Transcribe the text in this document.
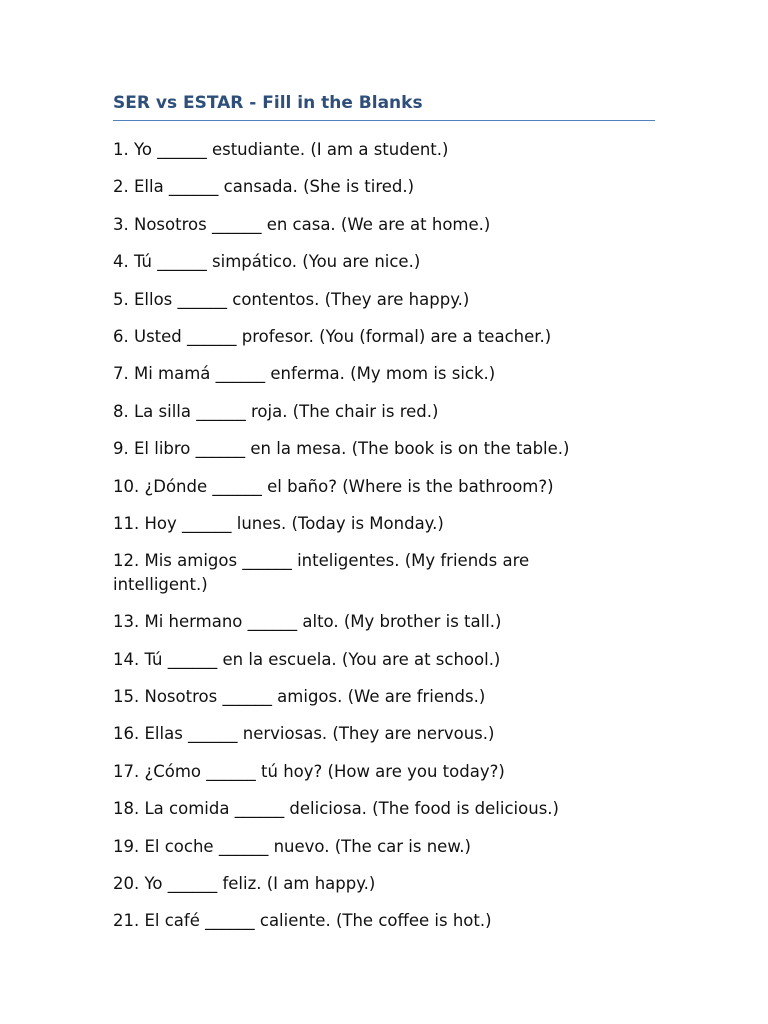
SER vs ESTAR - Fill in the Blanks
1. Yo ______ estudiante. (I am a student.)
2. Ella ______ cansada. (She is tired.)
3. Nosotros ______ en casa. (We are at home.)
4. Tú ______ simpático. (You are nice.)
5. Ellos ______ contentos. (They are happy.)
6. Usted ______ profesor. (You (formal) are a teacher.)
7. Mi mamá ______ enferma. (My mom is sick.)
8. La silla ______ roja. (The chair is red.)
9. El libro ______ en la mesa. (The book is on the table.)
10. ¿Dónde ______ el baño? (Where is the bathroom?)
11. Hoy ______ lunes. (Today is Monday.)
12. Mis amigos ______ inteligentes. (My friends are intelligent.)
13. Mi hermano ______ alto. (My brother is tall.)
14. Tú ______ en la escuela. (You are at school.)
15. Nosotros ______ amigos. (We are friends.)
16. Ellas ______ nerviosas. (They are nervous.)
17. ¿Cómo ______ tú hoy? (How are you today?)
18. La comida ______ deliciosa. (The food is delicious.)
19. El coche ______ nuevo. (The car is new.)
20. Yo ______ feliz. (I am happy.)
21. El café ______ caliente. (The coffee is hot.)
